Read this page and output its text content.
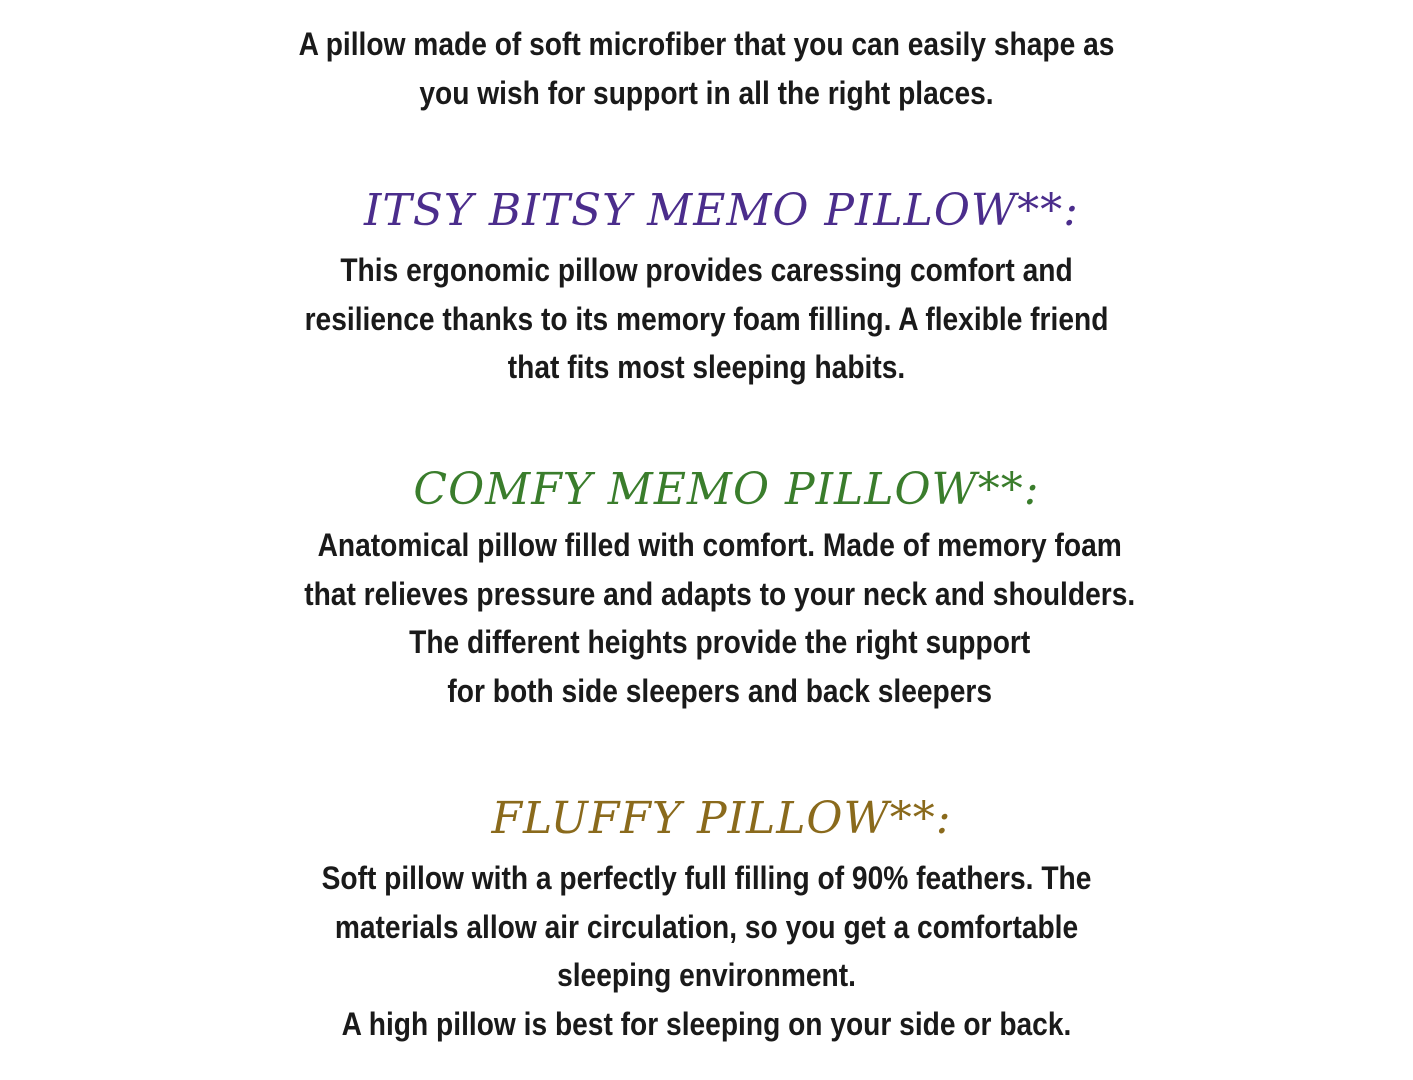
A pillow made of soft microfiber that you can easily shape as
you wish for support in all the right places.
ITSY BITSY MEMO PILLOW**:
This ergonomic pillow provides caressing comfort and
resilience thanks to its memory foam filling. A flexible friend
that fits most sleeping habits.
COMFY MEMO PILLOW**:
Anatomical pillow filled with comfort. Made of memory foam
that relieves pressure and adapts to your neck and shoulders.
The different heights provide the right support
for both side sleepers and back sleepers
FLUFFY PILLOW**:
Soft pillow with a perfectly full filling of 90% feathers. The
materials allow air circulation, so you get a comfortable
sleeping environment.
A high pillow is best for sleeping on your side or back.
